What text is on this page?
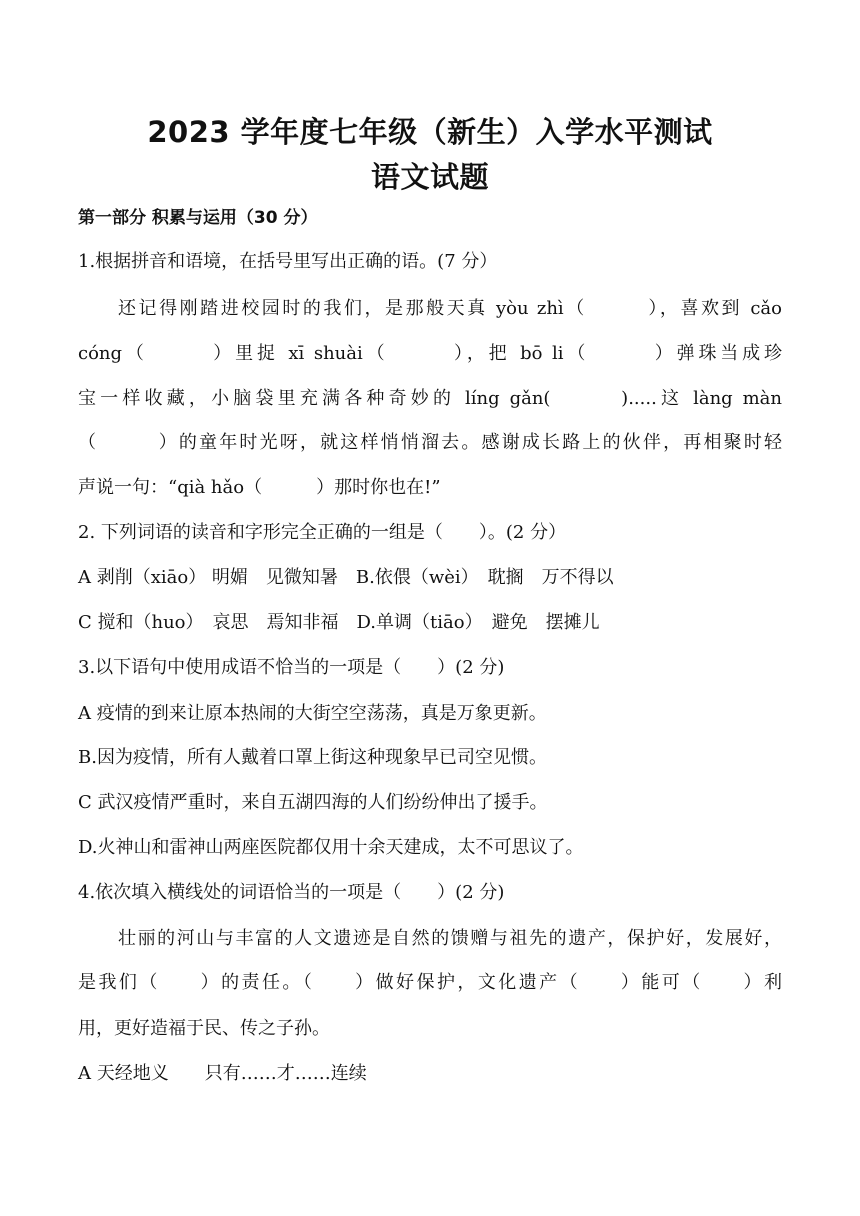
2023 学年度七年级（新生）入学水平测试
语文试题
第一部分 积累与运用（30 分）
1.根据拼音和语境，在括号里写出正确的语。(7 分）
还记得刚踏进校园时的我们，是那般天真 yòu zhì（　　　），喜欢到 cǎo
cóng（　　　）里捉 xī shuài（　　　），把 bō li（　　　）弹珠当成珍
宝一样收藏，小脑袋里充满各种奇妙的 líng gǎn(　　　).....这 làng màn
（　　　）的童年时光呀，就这样悄悄溜去。感谢成长路上的伙伴，再相聚时轻
声说一句：“qià hǎo（　　　）那时你也在!”
2. 下列词语的读音和字形完全正确的一组是（　　）。(2 分）
A 剥削（xiāo） 明媚　见微知暑　B.依偎（wèi）　耽搁　万不得以
C 搅和（huo）　哀思　焉知非福　D.单调（tiāo）　避免　摆摊儿
3.以下语句中使用成语不恰当的一项是（　　）(2 分)
A 疫情的到来让原本热闹的大街空空荡荡，真是万象更新。
B.因为疫情，所有人戴着口罩上街这种现象早已司空见惯。
C 武汉疫情严重时，来自五湖四海的人们纷纷伸出了援手。
D.火神山和雷神山两座医院都仅用十余天建成，太不可思议了。
4.依次填入横线处的词语恰当的一项是（　　）(2 分)
壮丽的河山与丰富的人文遗迹是自然的馈赠与祖先的遗产，保护好，发展好，
是我们（　　）的责任。（　　）做好保护，文化遗产（　　）能可（　　）利
用，更好造福于民、传之子孙。
A 天经地义　　只有……才……连续
